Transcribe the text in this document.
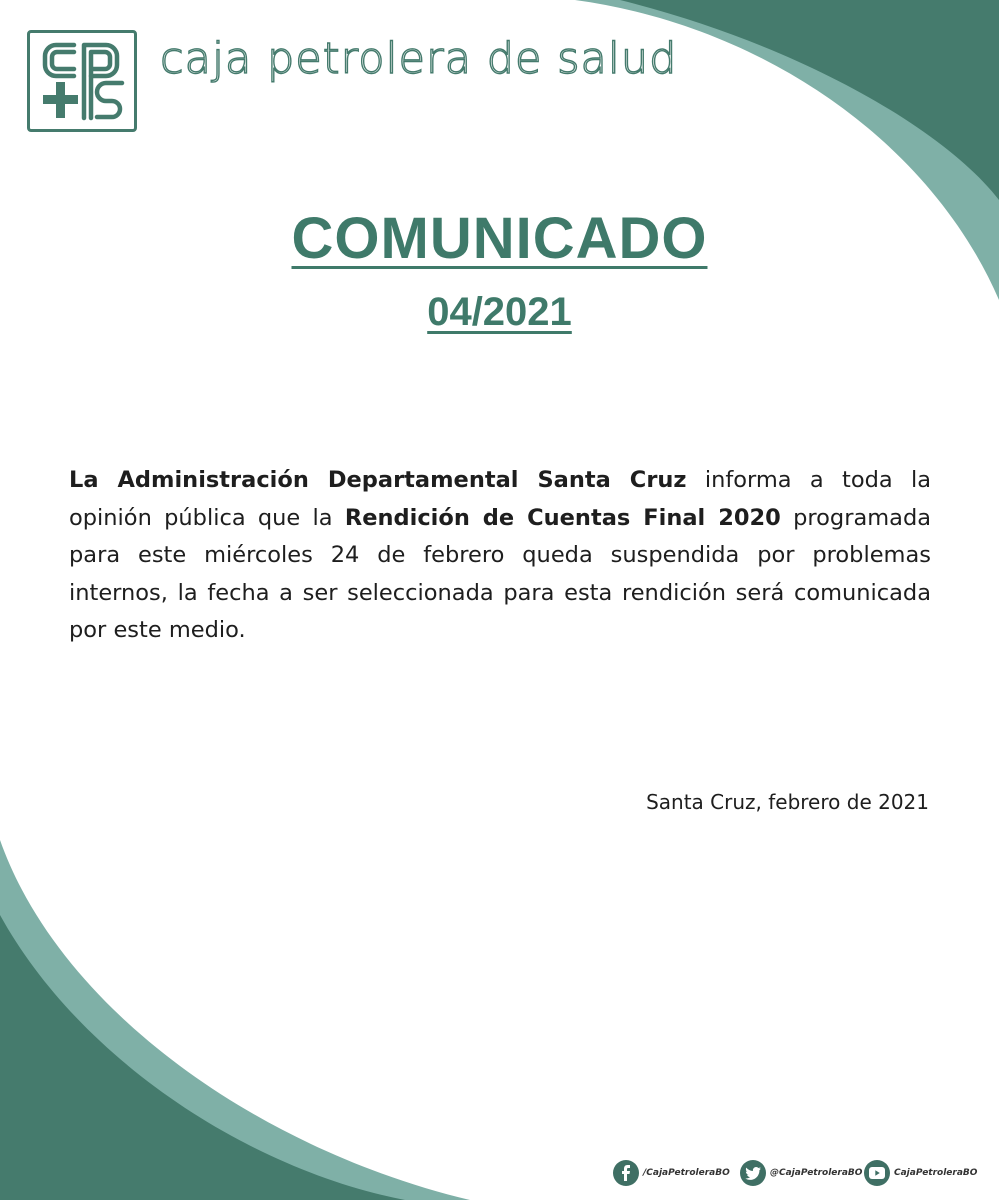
caja petrolera de salud
COMUNICADO
04/2021
La Administración Departamental Santa Cruz informa a toda la opinión pública que la Rendición de Cuentas Final 2020 programada para este miércoles 24 de febrero queda suspendida por problemas internos, la fecha a ser seleccionada para esta rendición será comunicada por este medio.
Santa Cruz, febrero de 2021
/CajaPetroleraBO	@CajaPetroleraBO	CajaPetroleraBO
